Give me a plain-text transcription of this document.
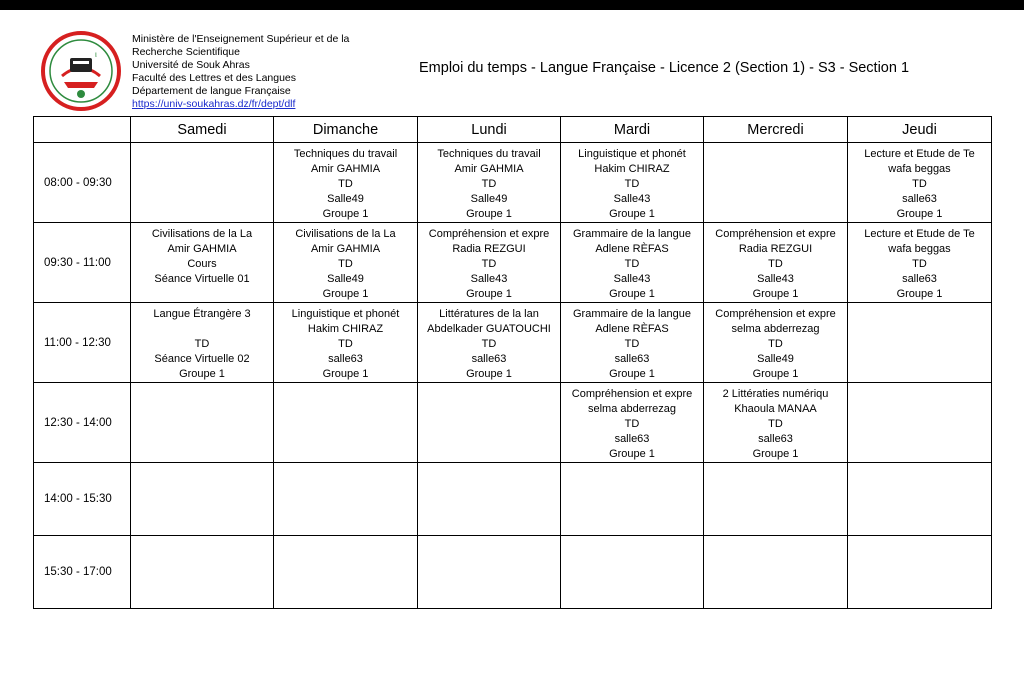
ι
Ministère de l'Enseignement Supérieur et de la
Recherche Scientifique
Université de Souk Ahras
Faculté des Lettres et des Langues
Département de langue Française
https://univ-soukahras.dz/fr/dept/dlf
Emploi du temps - Langue Française - Licence 2 (Section 1) - S3 - Section 1
	Samedi	Dimanche	Lundi	Mardi	Mercredi	Jeudi
08:00 - 09:30		Techniques du travail
Amir GAHMIA
TD
Salle49
Groupe 1	Techniques du travail
Amir GAHMIA
TD
Salle49
Groupe 1	Linguistique et phonét
Hakim CHIRAZ
TD
Salle43
Groupe 1		Lecture et Etude de Te
wafa beggas
TD
salle63
Groupe 1

09:30 - 11:00	Civilisations de la La
Amir GAHMIA
Cours
Séance Virtuelle 01	Civilisations de la La
Amir GAHMIA
TD
Salle49
Groupe 1	Compréhension et expre
Radia REZGUI
TD
Salle43
Groupe 1	Grammaire de la langue
Adlene RÈFAS
TD
Salle43
Groupe 1	Compréhension et expre
Radia REZGUI
TD
Salle43
Groupe 1	Lecture et Etude de Te
wafa beggas
TD
salle63
Groupe 1

11:00 - 12:30	Langue Étrangère 3
TD
Séance Virtuelle 02
Groupe 1	Linguistique et phonét
Hakim CHIRAZ
TD
salle63
Groupe 1	Littératures de la lan
Abdelkader GUATOUCHI
TD
salle63
Groupe 1	Grammaire de la langue
Adlene RÈFAS
TD
salle63
Groupe 1	Compréhension et expre
selma abderrezag
TD
Salle49
Groupe 1	

12:30 - 14:00				Compréhension et expre
selma abderrezag
TD
salle63
Groupe 1	2 Littératies numériqu
Khaoula MANAA
TD
salle63
Groupe 1	

14:00 - 15:30	

15:30 - 17:00	
